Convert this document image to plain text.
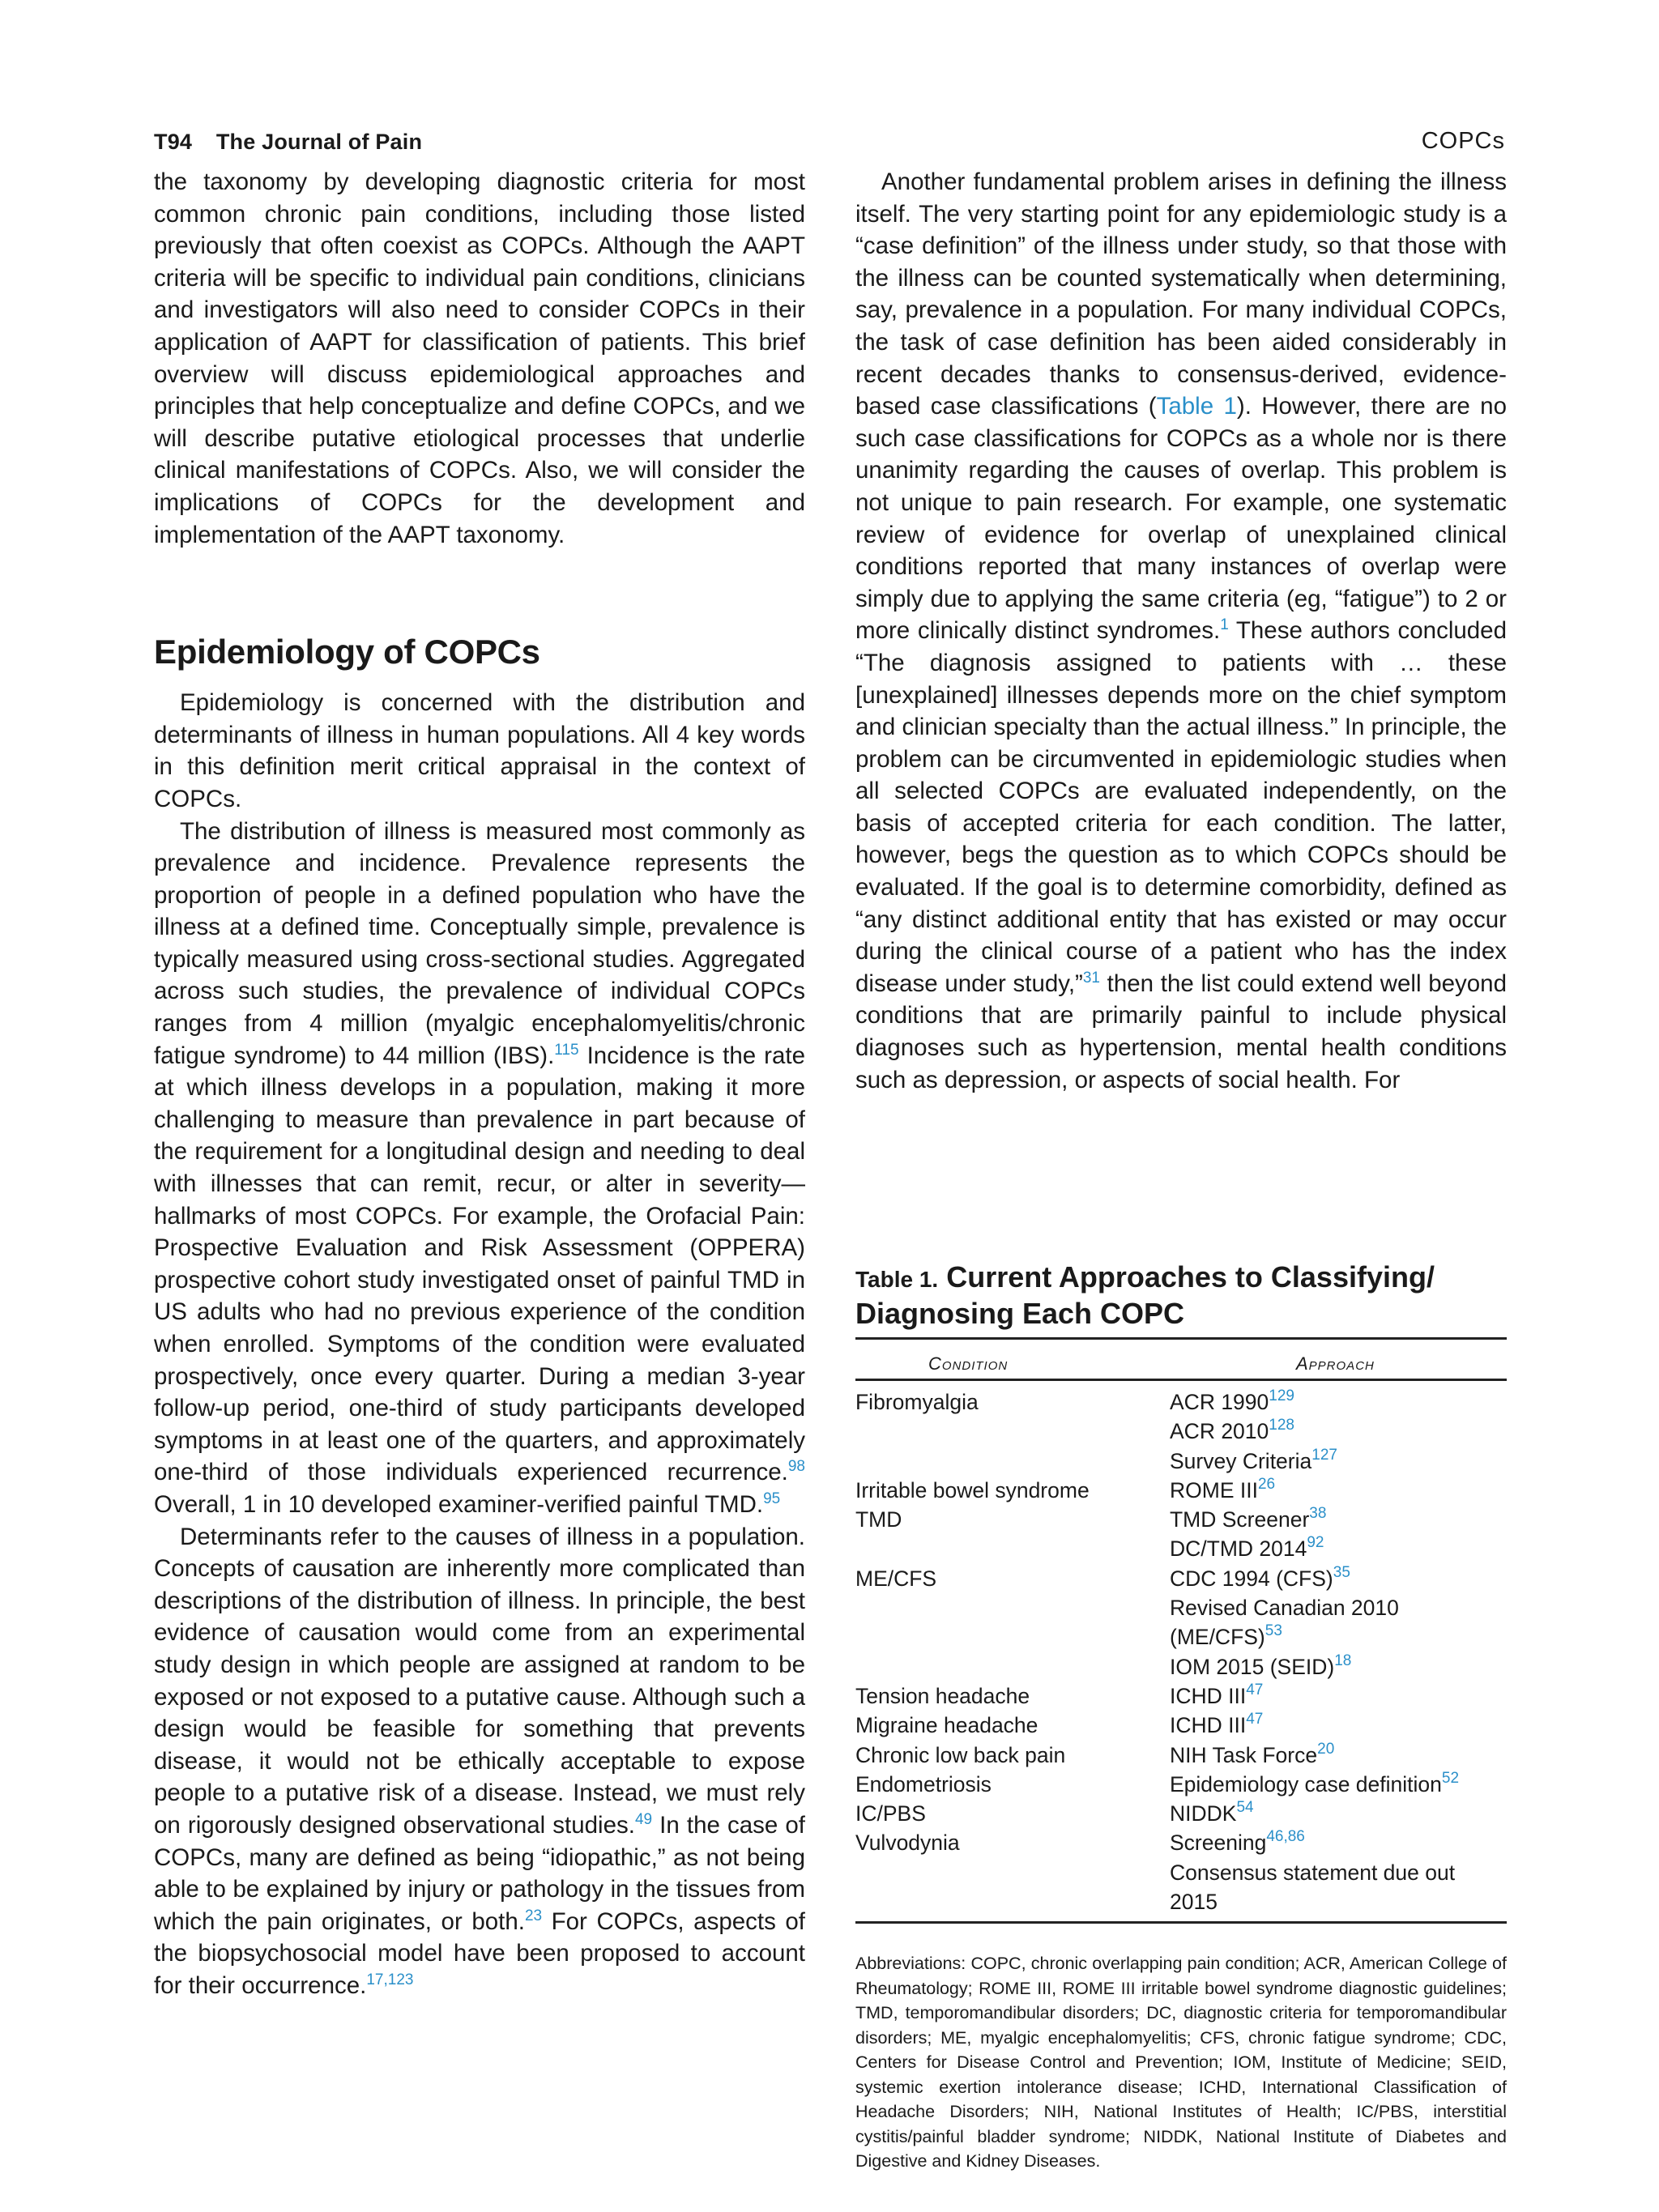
T94 The Journal of Pain	COPCs

the taxonomy by developing diagnostic criteria for most common chronic pain conditions, including those listed previously that often coexist as COPCs. Although the AAPT criteria will be specific to individual pain conditions, clinicians and investigators will also need to consider COPCs in their application of AAPT for classification of patients. This brief overview will discuss epidemiological approaches and principles that help conceptualize and define COPCs, and we will describe putative etiological processes that underlie clinical manifestations of COPCs. Also, we will consider the implications of COPCs for the development and implementation of the AAPT taxonomy.

Epidemiology of COPCs

Epidemiology is concerned with the distribution and determinants of illness in human populations. All 4 key words in this definition merit critical appraisal in the context of COPCs.

The distribution of illness is measured most commonly as prevalence and incidence. Prevalence represents the proportion of people in a defined population who have the illness at a defined time. Conceptually simple, prevalence is typically measured using cross-sectional studies. Aggregated across such studies, the prevalence of individual COPCs ranges from 4 million (myalgic encephalomyelitis/chronic fatigue syndrome) to 44 million (IBS).$^{115}$ Incidence is the rate at which illness develops in a population, making it more challenging to measure than prevalence in part because of the requirement for a longitudinal design and needing to deal with illnesses that can remit, recur, or alter in severity—hallmarks of most COPCs. For example, the Orofacial Pain: Prospective Evaluation and Risk Assessment (OPPERA) prospective cohort study investigated onset of painful TMD in US adults who had no previous experience of the condition when enrolled. Symptoms of the condition were evaluated prospectively, once every quarter. During a median 3-year follow-up period, one-third of study participants developed symptoms in at least one of the quarters, and approximately one-third of those individuals experienced recurrence.$^{98}$ Overall, 1 in 10 developed examiner-verified painful TMD.$^{95}$

Determinants refer to the causes of illness in a population. Concepts of causation are inherently more complicated than descriptions of the distribution of illness. In principle, the best evidence of causation would come from an experimental study design in which people are assigned at random to be exposed or not exposed to a putative cause. Although such a design would be feasible for something that prevents disease, it would not be ethically acceptable to expose people to a putative risk of a disease. Instead, we must rely on rigorously designed observational studies.$^{49}$ In the case of COPCs, many are defined as being “idiopathic,” as not being able to be explained by injury or pathology in the tissues from which the pain originates, or both.$^{23}$ For COPCs, aspects of the biopsychosocial model have been proposed to account for their occurrence.$^{17,123}$

Another fundamental problem arises in defining the illness itself. The very starting point for any epidemiologic study is a “case definition” of the illness under study, so that those with the illness can be counted systematically when determining, say, prevalence in a population. For many individual COPCs, the task of case definition has been aided considerably in recent decades thanks to consensus-derived, evidence-based case classifications (Table 1). However, there are no such case classifications for COPCs as a whole nor is there unanimity regarding the causes of overlap. This problem is not unique to pain research. For example, one systematic review of evidence for overlap of unexplained clinical conditions reported that many instances of overlap were simply due to applying the same criteria (eg, “fatigue”) to 2 or more clinically distinct syndromes.$^1$ These authors concluded “The diagnosis assigned to patients with … these [unexplained] illnesses depends more on the chief symptom and clinician specialty than the actual illness.” In principle, the problem can be circumvented in epidemiologic studies when all selected COPCs are evaluated independently, on the basis of accepted criteria for each condition. The latter, however, begs the question as to which COPCs should be evaluated. If the goal is to determine comorbidity, defined as “any distinct additional entity that has existed or may occur during the clinical course of a patient who has the index disease under study,”$^{31}$ then the list could extend well beyond conditions that are primarily painful to include physical diagnoses such as hypertension, mental health conditions such as depression, or aspects of social health. For

Table 1. Current Approaches to Classifying/ Diagnosing Each COPC
Condition	Approach
Fibromyalgia	ACR 1990$^{129}$
	ACR 2010$^{128}$
	Survey Criteria$^{127}$
Irritable bowel syndrome	ROME III$^{26}$
TMD	TMD Screener$^{38}$
	DC/TMD 2014$^{92}$
ME/CFS	CDC 1994 (CFS)$^{35}$
	Revised Canadian 2010 $(ME/CFS)^{53}$
	IOM 2015 (SEID)$^{18}$
Tension headache	ICHD III$^{47}$
Migraine headache	ICHD III$^{47}$
Chronic low back pain	NIH Task Force$^{20}$
Endometriosis	Epidemiology case definition$^{52}$
IC/PBS	NIDDK$^{54}$
Vulvodynia	Screening$^{46,86}$
	Consensus statement due out 2015
Abbreviations: COPC, chronic overlapping pain condition; ACR, American College of Rheumatology; ROME III, ROME III irritable bowel syndrome diagnostic guidelines; TMD, temporomandibular disorders; DC, diagnostic criteria for temporomandibular disorders; ME, myalgic encephalomyelitis; CFS, chronic fatigue syndrome; CDC, Centers for Disease Control and Prevention; IOM, Institute of Medicine; SEID, systemic exertion intolerance disease; ICHD, International Classification of Headache Disorders; NIH, National Institutes of Health; IC/PBS, interstitial cystitis/painful bladder syndrome; NIDDK, National Institute of Diabetes and Digestive and Kidney Diseases.
